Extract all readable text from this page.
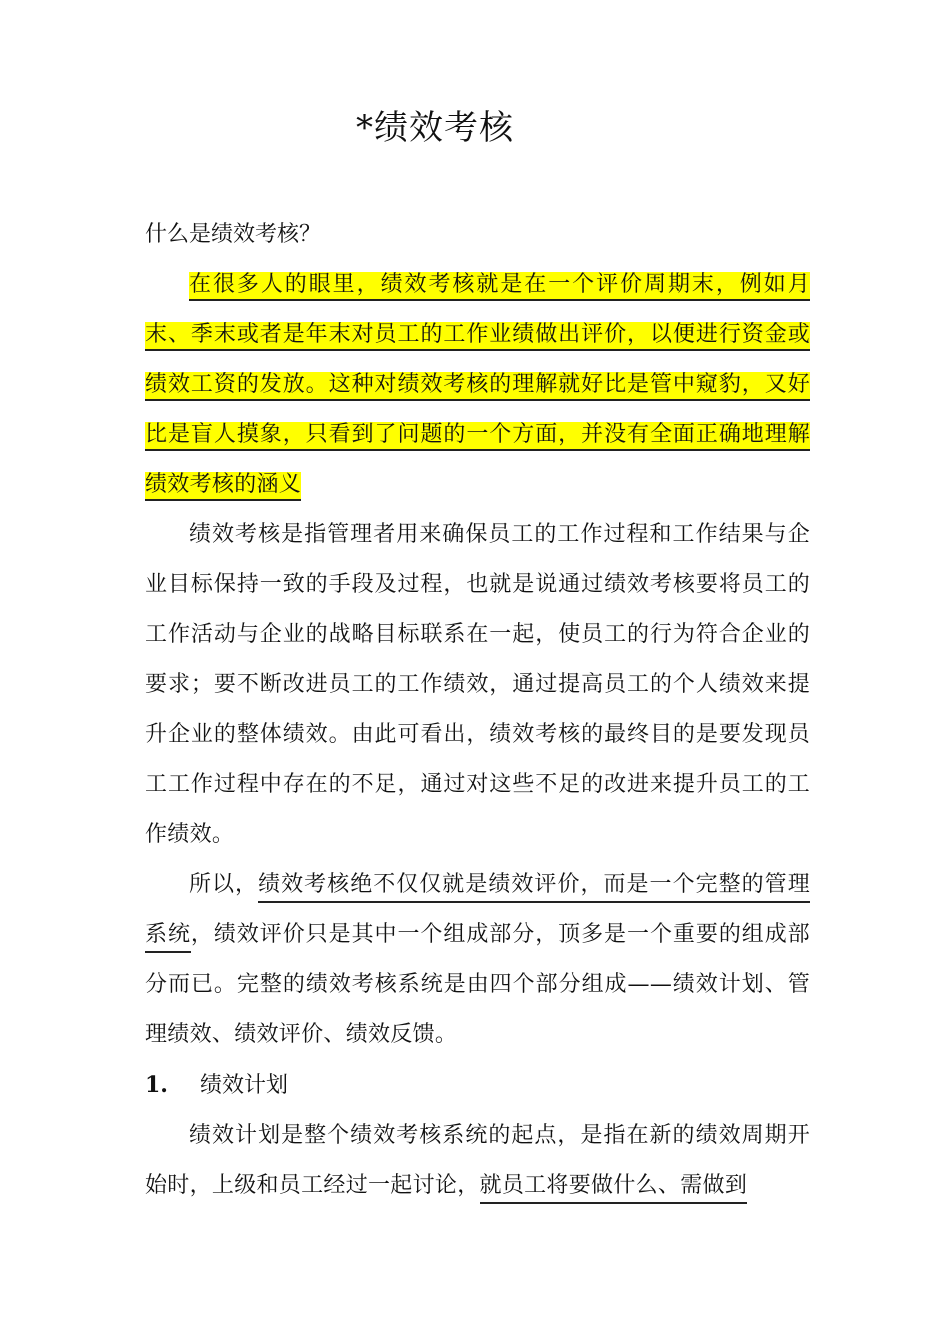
*绩效考核

什么是绩效考核？

在很多人的眼里，绩效考核就是在一个评价周期末，例如月末、季末或者是年末对员工的工作业绩做出评价，以便进行资金或绩效工资的发放。这种对绩效考核的理解就好比是管中窥豹，又好比是盲人摸象，只看到了问题的一个方面，并没有全面正确地理解绩效考核的涵义

绩效考核是指管理者用来确保员工的工作过程和工作结果与企业目标保持一致的手段及过程，也就是说通过绩效考核要将员工的工作活动与企业的战略目标联系在一起，使员工的行为符合企业的要求；要不断改进员工的工作绩效，通过提高员工的个人绩效来提升企业的整体绩效。由此可看出，绩效考核的最终目的是要发现员工工作过程中存在的不足，通过对这些不足的改进来提升员工的工作绩效。

所以，绩效考核绝不仅仅就是绩效评价，而是一个完整的管理系统，绩效评价只是其中一个组成部分，顶多是一个重要的组成部分而已。完整的绩效考核系统是由四个部分组成——绩效计划、管理绩效、绩效评价、绩效反馈。

1. 绩效计划

绩效计划是整个绩效考核系统的起点，是指在新的绩效周期开始时，上级和员工经过一起讨论，就员工将要做什么、需做到
